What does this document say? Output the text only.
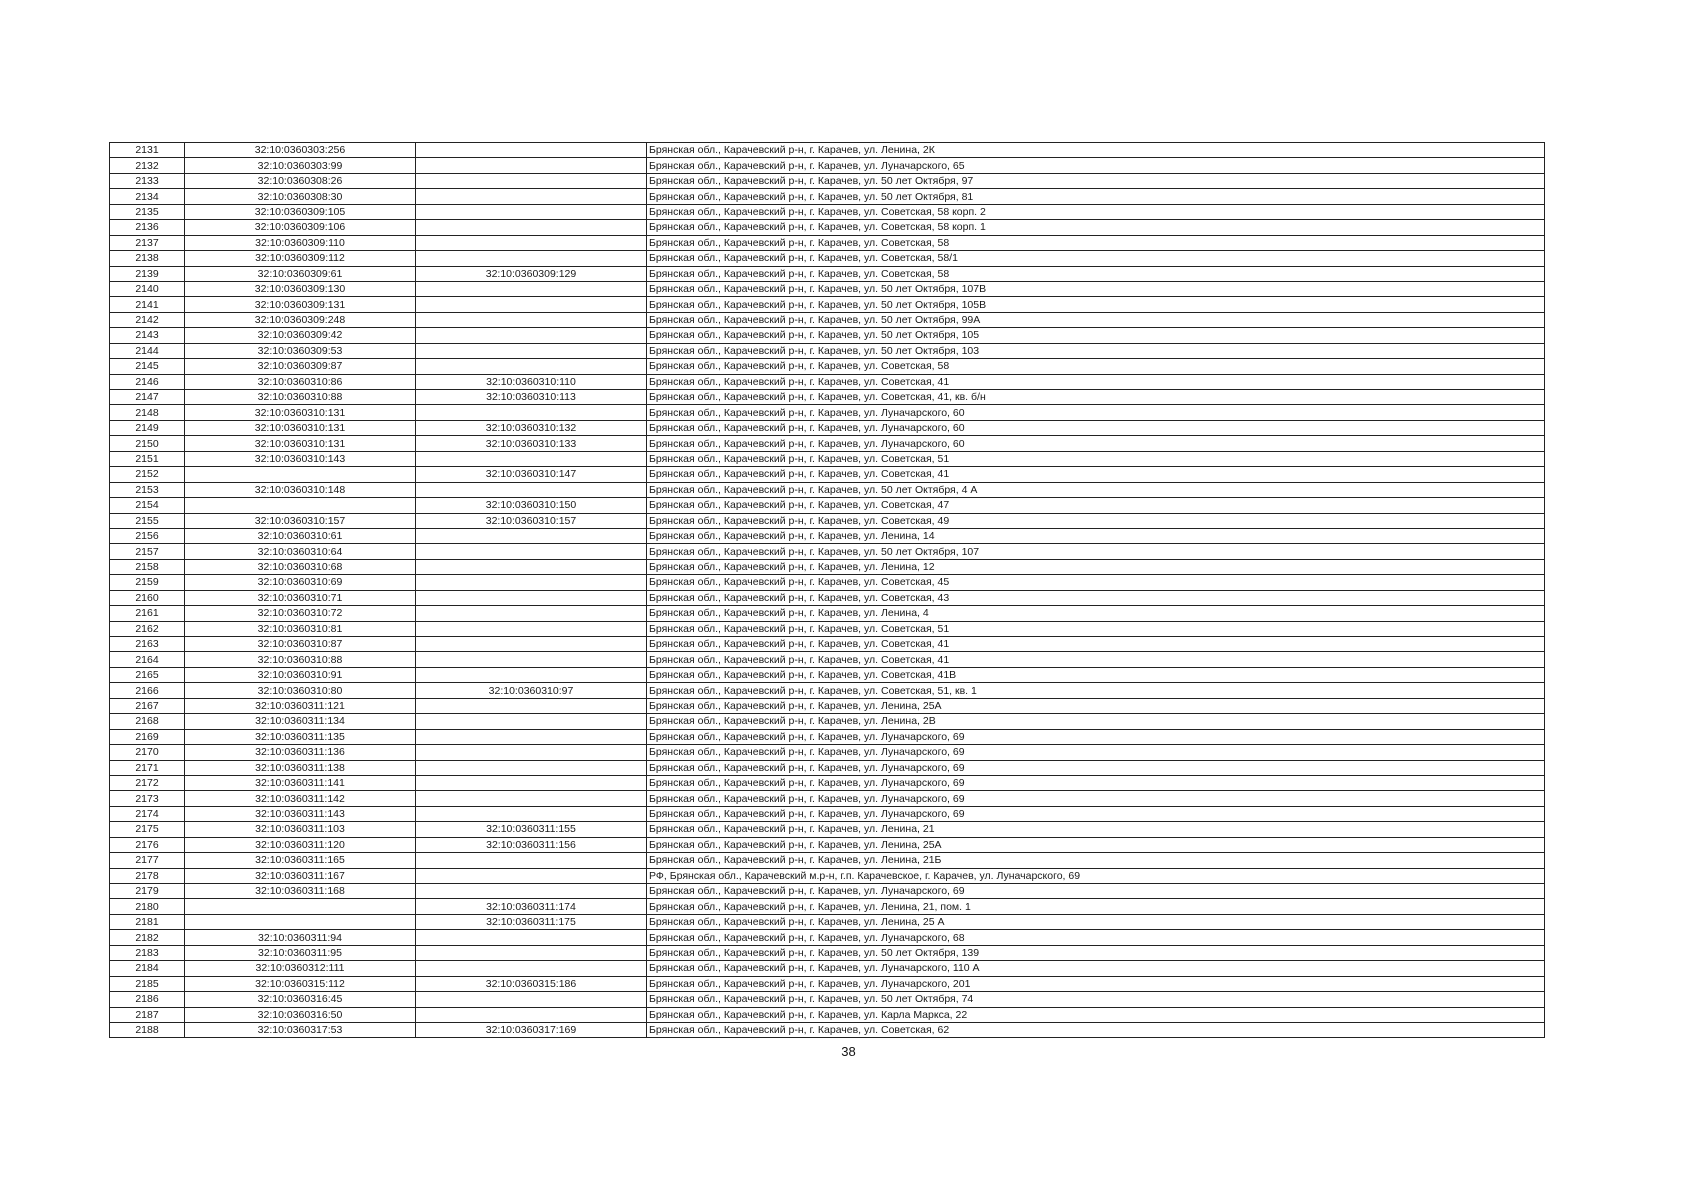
2131	32:10:0360303:256		Брянская обл., Карачевский р-н, г. Карачев, ул. Ленина, 2К
2132	32:10:0360303:99		Брянская обл., Карачевский р-н, г. Карачев, ул. Луначарского, 65
2133	32:10:0360308:26		Брянская обл., Карачевский р-н, г. Карачев, ул. 50 лет Октября, 97
2134	32:10:0360308:30		Брянская обл., Карачевский р-н, г. Карачев, ул. 50 лет Октября, 81
2135	32:10:0360309:105		Брянская обл., Карачевский р-н, г. Карачев, ул. Советская, 58 корп. 2
2136	32:10:0360309:106		Брянская обл., Карачевский р-н, г. Карачев, ул. Советская, 58 корп. 1
2137	32:10:0360309:110		Брянская обл., Карачевский р-н, г. Карачев, ул. Советская, 58
2138	32:10:0360309:112		Брянская обл., Карачевский р-н, г. Карачев, ул. Советская, 58/1
2139	32:10:0360309:61	32:10:0360309:129	Брянская обл., Карачевский р-н, г. Карачев, ул. Советская, 58
2140	32:10:0360309:130		Брянская обл., Карачевский р-н, г. Карачев, ул. 50 лет Октября, 107В
2141	32:10:0360309:131		Брянская обл., Карачевский р-н, г. Карачев, ул. 50 лет Октября, 105В
2142	32:10:0360309:248		Брянская обл., Карачевский р-н, г. Карачев, ул. 50 лет Октября, 99А
2143	32:10:0360309:42		Брянская обл., Карачевский р-н, г. Карачев, ул. 50 лет Октября, 105
2144	32:10:0360309:53		Брянская обл., Карачевский р-н, г. Карачев, ул. 50 лет Октября, 103
2145	32:10:0360309:87		Брянская обл., Карачевский р-н, г. Карачев, ул. Советская, 58
2146	32:10:0360310:86	32:10:0360310:110	Брянская обл., Карачевский р-н, г. Карачев, ул. Советская, 41
2147	32:10:0360310:88	32:10:0360310:113	Брянская обл., Карачевский р-н, г. Карачев, ул. Советская, 41, кв. б/н
2148	32:10:0360310:131		Брянская обл., Карачевский р-н, г. Карачев, ул. Луначарского, 60
2149	32:10:0360310:131	32:10:0360310:132	Брянская обл., Карачевский р-н, г. Карачев, ул. Луначарского, 60
2150	32:10:0360310:131	32:10:0360310:133	Брянская обл., Карачевский р-н, г. Карачев, ул. Луначарского, 60
2151	32:10:0360310:143		Брянская обл., Карачевский р-н, г. Карачев, ул. Советская, 51
2152		32:10:0360310:147	Брянская обл., Карачевский р-н, г. Карачев, ул. Советская, 41
2153	32:10:0360310:148		Брянская обл., Карачевский р-н, г. Карачев, ул. 50 лет Октября, 4 А
2154		32:10:0360310:150	Брянская обл., Карачевский р-н, г. Карачев, ул. Советская, 47
2155	32:10:0360310:157	32:10:0360310:157	Брянская обл., Карачевский р-н, г. Карачев, ул. Советская, 49
2156	32:10:0360310:61		Брянская обл., Карачевский р-н, г. Карачев, ул. Ленина, 14
2157	32:10:0360310:64		Брянская обл., Карачевский р-н, г. Карачев, ул. 50 лет Октября, 107
2158	32:10:0360310:68		Брянская обл., Карачевский р-н, г. Карачев, ул. Ленина, 12
2159	32:10:0360310:69		Брянская обл., Карачевский р-н, г. Карачев, ул. Советская, 45
2160	32:10:0360310:71		Брянская обл., Карачевский р-н, г. Карачев, ул. Советская, 43
2161	32:10:0360310:72		Брянская обл., Карачевский р-н, г. Карачев, ул. Ленина, 4
2162	32:10:0360310:81		Брянская обл., Карачевский р-н, г. Карачев, ул. Советская, 51
2163	32:10:0360310:87		Брянская обл., Карачевский р-н, г. Карачев, ул. Советская, 41
2164	32:10:0360310:88		Брянская обл., Карачевский р-н, г. Карачев, ул. Советская, 41
2165	32:10:0360310:91		Брянская обл., Карачевский р-н, г. Карачев, ул. Советская, 41В
2166	32:10:0360310:80	32:10:0360310:97	Брянская обл., Карачевский р-н, г. Карачев, ул. Советская, 51, кв. 1
2167	32:10:0360311:121		Брянская обл., Карачевский р-н, г. Карачев, ул. Ленина, 25А
2168	32:10:0360311:134		Брянская обл., Карачевский р-н, г. Карачев, ул. Ленина, 2В
2169	32:10:0360311:135		Брянская обл., Карачевский р-н, г. Карачев, ул. Луначарского, 69
2170	32:10:0360311:136		Брянская обл., Карачевский р-н, г. Карачев, ул. Луначарского, 69
2171	32:10:0360311:138		Брянская обл., Карачевский р-н, г. Карачев, ул. Луначарского, 69
2172	32:10:0360311:141		Брянская обл., Карачевский р-н, г. Карачев, ул. Луначарского, 69
2173	32:10:0360311:142		Брянская обл., Карачевский р-н, г. Карачев, ул. Луначарского, 69
2174	32:10:0360311:143		Брянская обл., Карачевский р-н, г. Карачев, ул. Луначарского, 69
2175	32:10:0360311:103	32:10:0360311:155	Брянская обл., Карачевский р-н, г. Карачев, ул. Ленина, 21
2176	32:10:0360311:120	32:10:0360311:156	Брянская обл., Карачевский р-н, г. Карачев, ул. Ленина, 25А
2177	32:10:0360311:165		Брянская обл., Карачевский р-н, г. Карачев, ул. Ленина, 21Б
2178	32:10:0360311:167		РФ, Брянская обл., Карачевский м.р-н, г.п. Карачевское, г. Карачев, ул. Луначарского, 69
2179	32:10:0360311:168		Брянская обл., Карачевский р-н, г. Карачев, ул. Луначарского, 69
2180		32:10:0360311:174	Брянская обл., Карачевский р-н, г. Карачев, ул. Ленина, 21, пом. 1
2181		32:10:0360311:175	Брянская обл., Карачевский р-н, г. Карачев, ул. Ленина, 25 А
2182	32:10:0360311:94		Брянская обл., Карачевский р-н, г. Карачев, ул. Луначарского, 68
2183	32:10:0360311:95		Брянская обл., Карачевский р-н, г. Карачев, ул. 50 лет Октября, 139
2184	32:10:0360312:111		Брянская обл., Карачевский р-н, г. Карачев, ул. Луначарского, 110 А
2185	32:10:0360315:112	32:10:0360315:186	Брянская обл., Карачевский р-н, г. Карачев, ул. Луначарского, 201
2186	32:10:0360316:45		Брянская обл., Карачевский р-н, г. Карачев, ул. 50 лет Октября, 74
2187	32:10:0360316:50		Брянская обл., Карачевский р-н, г. Карачев, ул. Карла Маркса, 22
2188	32:10:0360317:53	32:10:0360317:169	Брянская обл., Карачевский р-н, г. Карачев, ул. Советская, 62
38
